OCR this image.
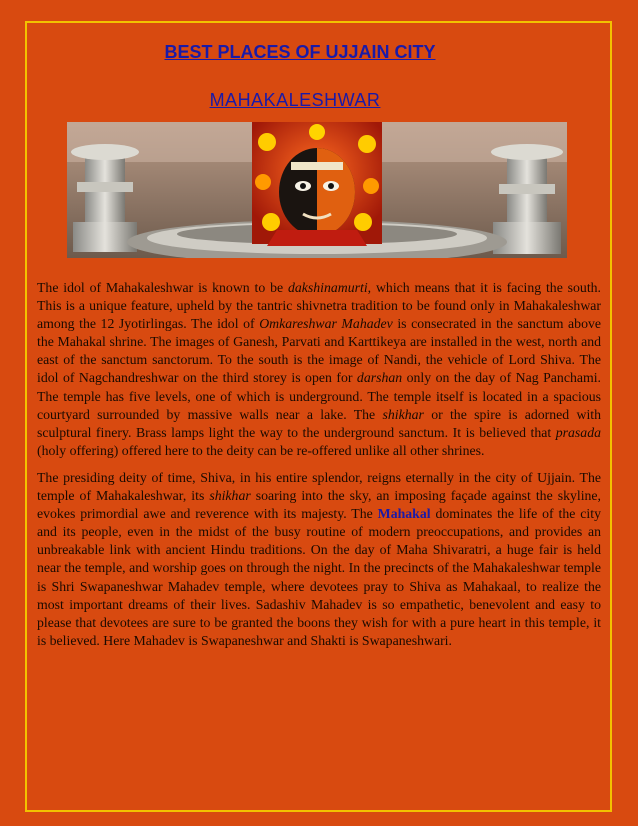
BEST PLACES OF UJJAIN CITY
MAHAKALESHWAR

The idol of Mahakaleshwar is known to be dakshinamurti, which means that it is facing the south. This is a unique feature, upheld by the tantric shivnetra tradition to be found only in Mahakaleshwar among the 12 Jyotirlingas. The idol of Omkareshwar Mahadev is consecrated in the sanctum above the Mahakal shrine. The images of Ganesh, Parvati and Karttikeya are installed in the west, north and east of the sanctum sanctorum. To the south is the image of Nandi, the vehicle of Lord Shiva. The idol of Nagchandreshwar on the third storey is open for darshan only on the day of Nag Panchami. The temple has five levels, one of which is underground. The temple itself is located in a spacious courtyard surrounded by massive walls near a lake. The shikhar or the spire is adorned with sculptural finery. Brass lamps light the way to the underground sanctum. It is believed that prasada (holy offering) offered here to the deity can be re-offered unlike all other shrines.

The presiding deity of time, Shiva, in his entire splendor, reigns eternally in the city of Ujjain. The temple of Mahakaleshwar, its shikhar soaring into the sky, an imposing façade against the skyline, evokes primordial awe and reverence with its majesty. The Mahakal dominates the life of the city and its people, even in the midst of the busy routine of modern preoccupations, and provides an unbreakable link with ancient Hindu traditions. On the day of Maha Shivaratri, a huge fair is held near the temple, and worship goes on through the night. In the precincts of the Mahakaleshwar temple is Shri Swapaneshwar Mahadev temple, where devotees pray to Shiva as Mahakaal, to realize the most important dreams of their lives. Sadashiv Mahadev is so empathetic, benevolent and easy to please that devotees are sure to be granted the boons they wish for with a pure heart in this temple, it is believed. Here Mahadev is Swapaneshwar and Shakti is Swapaneshwari.
